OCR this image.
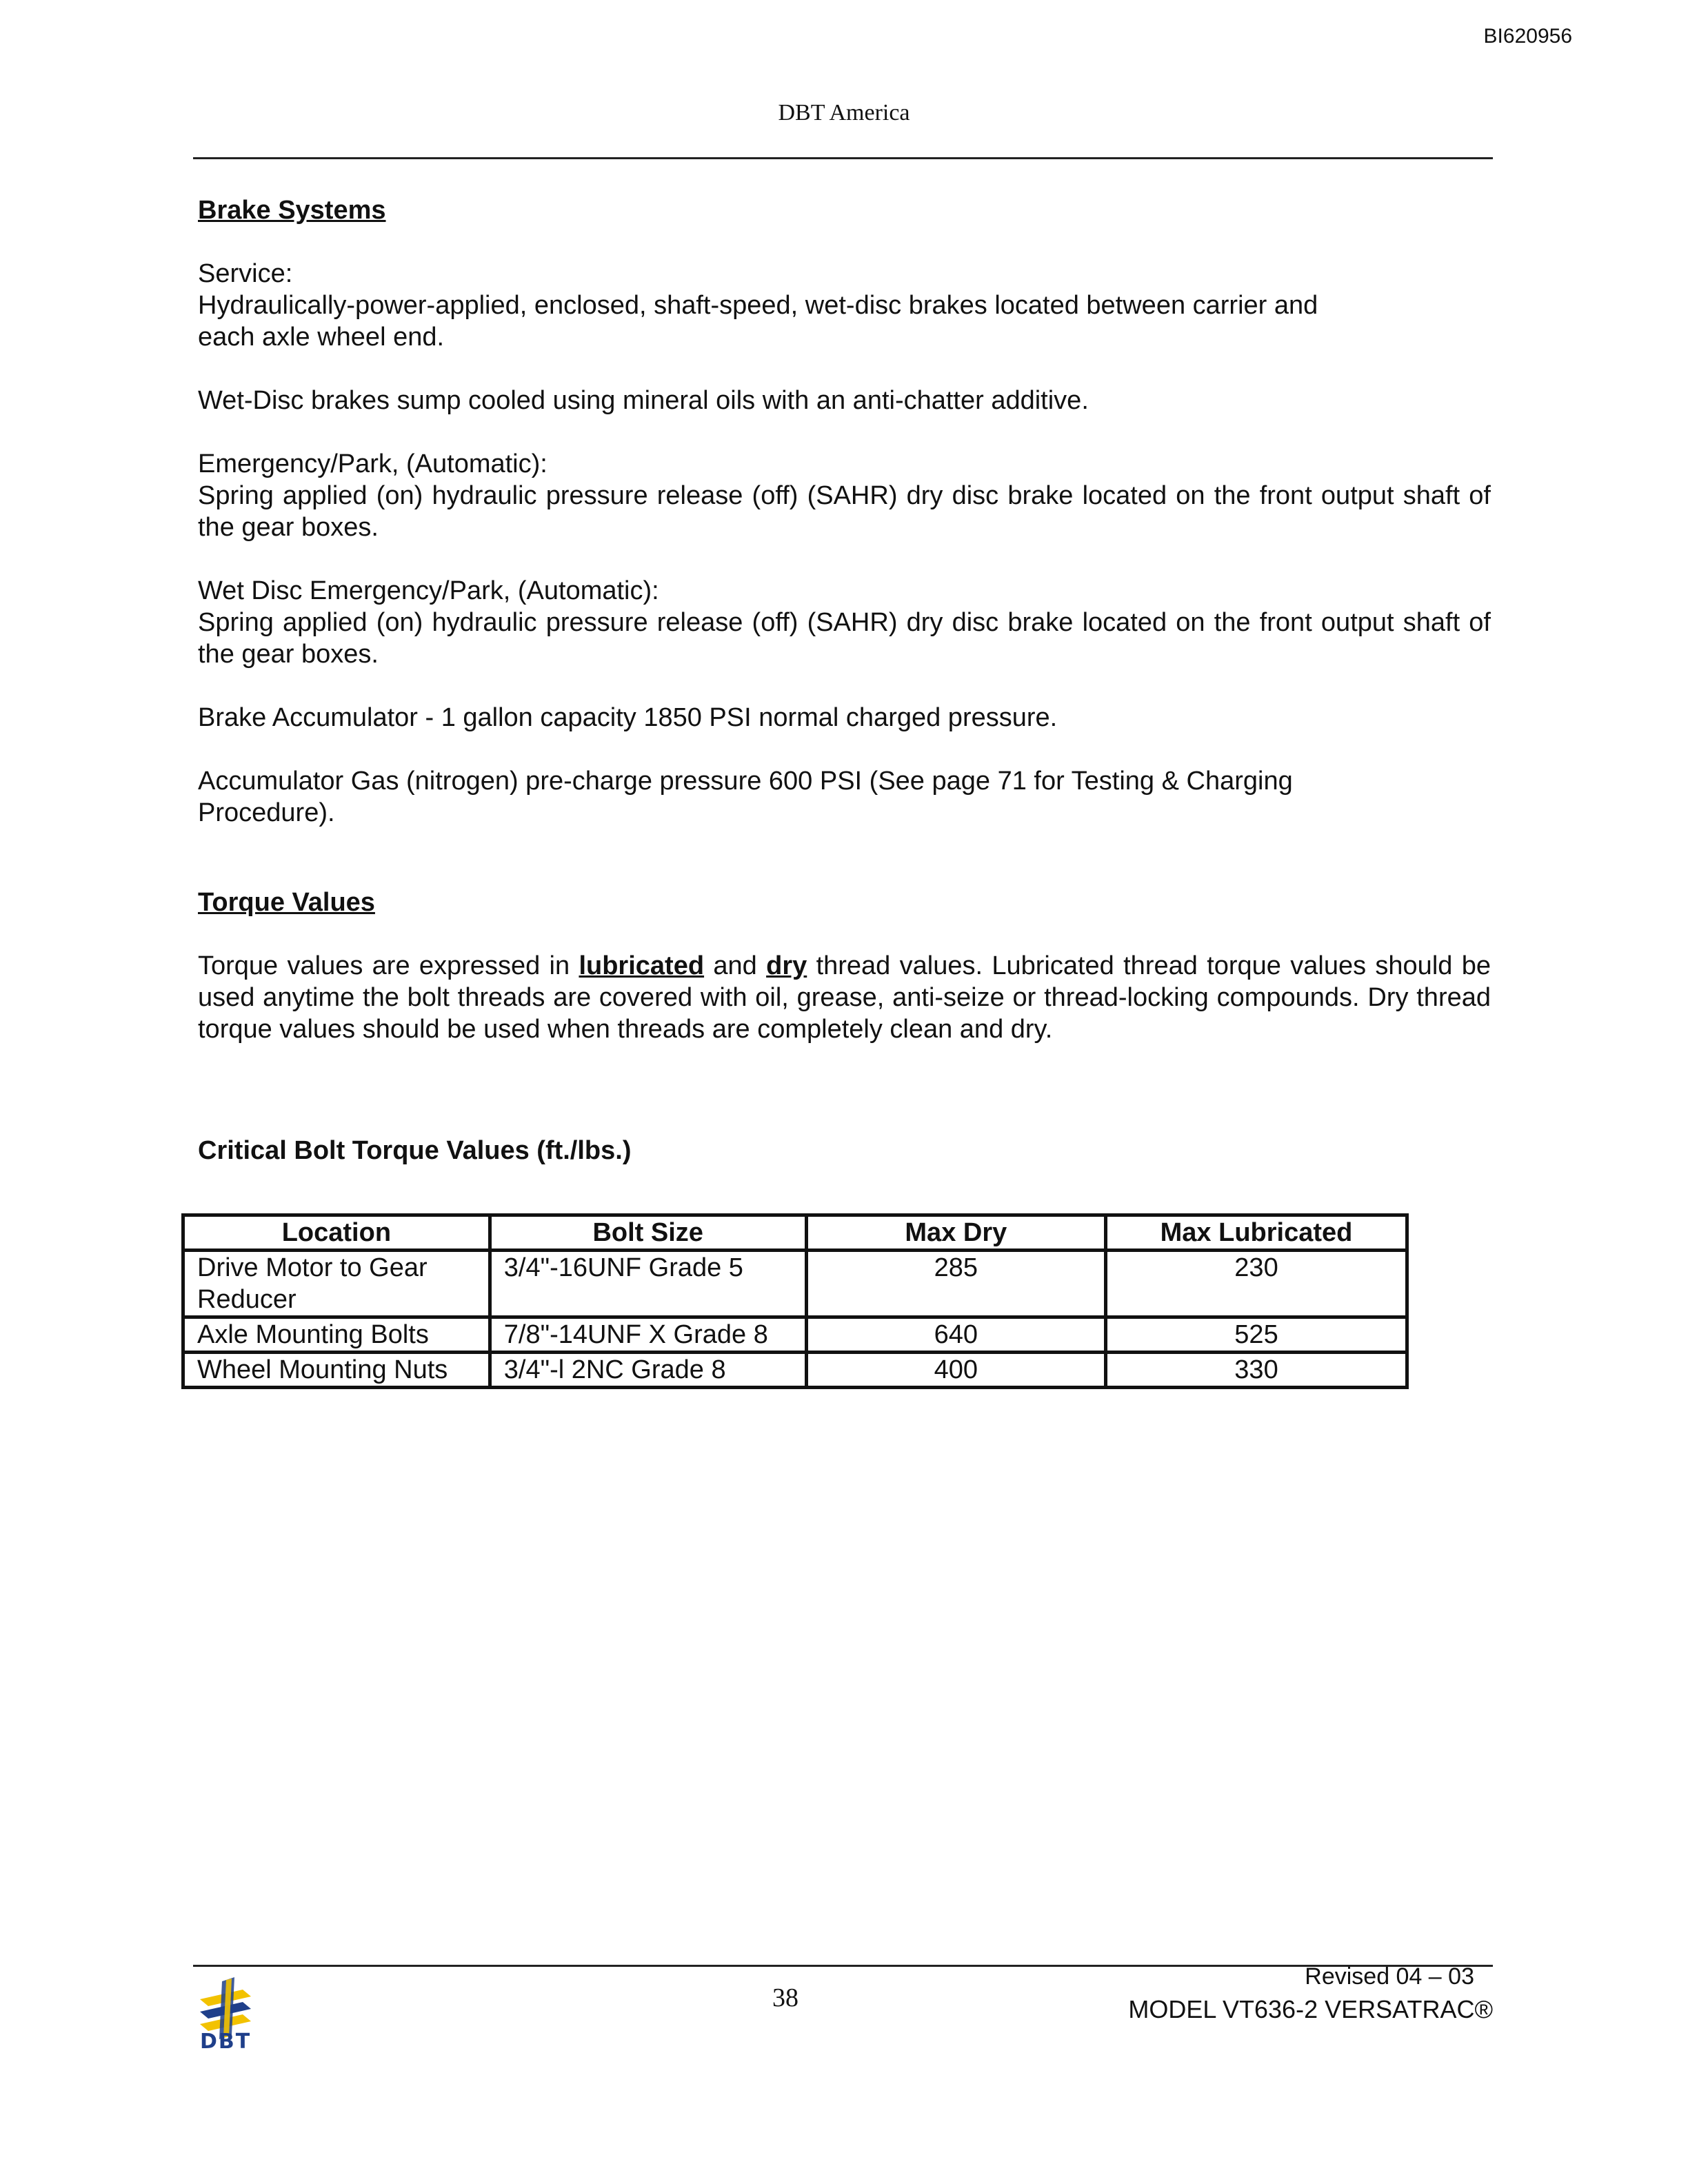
BI620956
DBT America

Brake Systems

Service:

Hydraulically-power-applied, enclosed, shaft-speed, wet-disc brakes located between carrier and

each axle wheel end.

Wet-Disc brakes sump cooled using mineral oils with an anti-chatter additive.

Emergency/Park, (Automatic):

Spring applied (on) hydraulic pressure release (off) (SAHR) dry disc brake located on the front output shaft of the gear boxes.

Wet Disc Emergency/Park, (Automatic):

Spring applied (on) hydraulic pressure release (off) (SAHR) dry disc brake located on the front output shaft of the gear boxes.

Brake Accumulator - 1 gallon capacity 1850 PSI normal charged pressure.

Accumulator Gas (nitrogen) pre-charge pressure 600 PSI (See page 71 for Testing & Charging

Procedure).

Torque Values

Torque values are expressed in lubricated and dry thread values. Lubricated thread torque values should be used anytime the bolt threads are covered with oil, grease, anti-seize or thread-locking compounds. Dry thread torque values should be used when threads are completely clean and dry.

Critical Bolt Torque Values (ft./lbs.)

Location	Bolt Size	Max Dry	Max Lubricated
Drive Motor to Gear Reducer	3/4"-16UNF Grade 5	285	230
Axle Mounting Bolts	7/8"-14UNF X Grade 8	640	525
Wheel Mounting Nuts	3/4"-l 2NC Grade 8	400	330
DBT
38
Revised 04 – 03
MODEL VT636-2 VERSATRAC®
